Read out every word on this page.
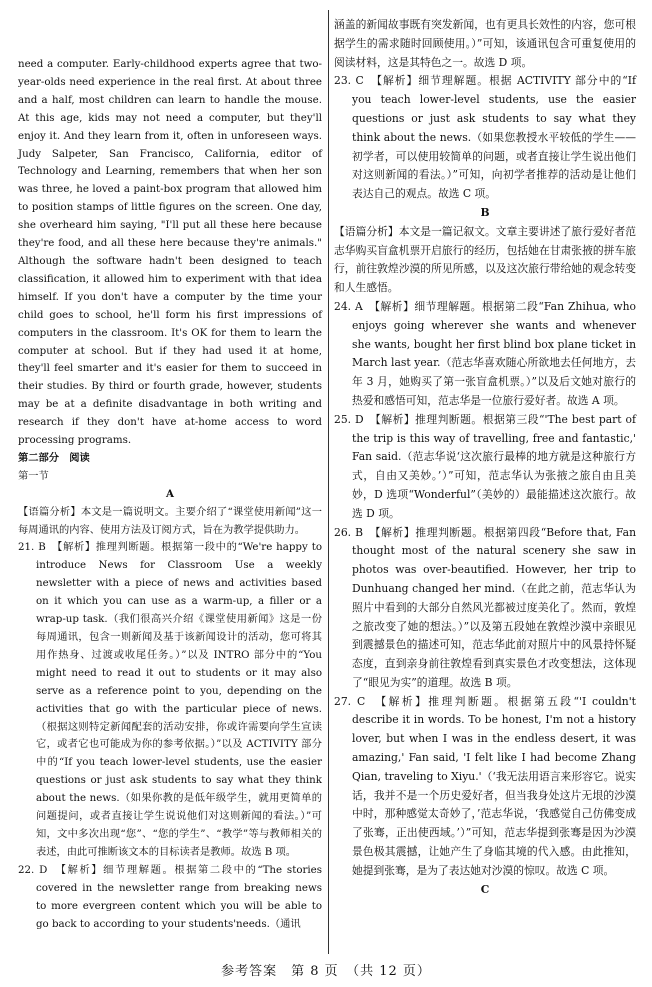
need a computer. Early-childhood experts agree that two-year-olds need experience in the real first. At about three and a half, most children can learn to handle the mouse. At this age, kids may not need a computer, but they'll enjoy it. And they learn from it, often in unforeseen ways. Judy Salpeter, San Francisco, California, editor of Technology and Learning, remembers that when her son was three, he loved a paint-box program that allowed him to position stamps of little figures on the screen. One day, she overheard him saying, "I'll put all these here because they're food, and all these here because they're animals." Although the software hadn't been designed to teach classification, it allowed him to experiment with that idea himself. If you don't have a computer by the time your child goes to school, he'll form his first impressions of computers in the classroom. It's OK for them to learn the computer at school. But if they had used it at home, they'll feel smarter and it's easier for them to succeed in their studies. By third or fourth grade, however, students may be at a definite disadvantage in both writing and research if they don't have at-home access to word processing programs.

第二部分　阅读

第一节

A

【语篇分析】本文是一篇说明文。主要介绍了“课堂使用新闻”这一每周通讯的内容、使用方法及订阅方式，旨在为教学提供助力。

21. B　【解析】推理判断题。根据第一段中的“We're happy to introduce News for Classroom Use a weekly newsletter with a piece of news and activities based on it which you can use as a warm-up, a filler or a wrap-up task.（我们很高兴介绍《课堂使用新闻》这是一份每周通讯，包含一则新闻及基于该新闻设计的活动，您可将其用作热身、过渡或收尾任务。）”以及 INTRO 部分中的“You might need to read it out to students or it may also serve as a reference point to you, depending on the activities that go with the particular piece of news.（根据这则特定新闻配套的活动安排，你或许需要向学生宣读它，或者它也可能成为你的参考依据。）”以及 ACTIVITY 部分中的“If you teach lower-level students, use the easier questions or just ask students to say what they think about the news.（如果你教的是低年级学生，就用更简单的问题提问，或者直接让学生说说他们对这则新闻的看法。）”可知，文中多次出现“您”、“您的学生”、“教学”等与教师相关的表述，由此可推断该文本的目标读者是教师。故选 B 项。

22. D　【解析】细节理解题。根据第二段中的“The stories covered in the newsletter range from breaking news to more evergreen content which you will be able to go back to according to your students'needs.（通讯

涵盖的新闻故事既有突发新闻，也有更具长效性的内容，您可根据学生的需求随时回顾使用。）”可知，该通讯包含可重复使用的阅读材料，这是其特色之一。故选 D 项。

23. C　【解析】细节理解题。根据 ACTIVITY 部分中的“If you teach lower-level students, use the easier questions or just ask students to say what they think about the news.（如果您教授水平较低的学生——初学者，可以使用较简单的问题，或者直接让学生说出他们对这则新闻的看法。）”可知，向初学者推荐的活动是让他们表达自己的观点。故选 C 项。

B

【语篇分析】本文是一篇记叙文。文章主要讲述了旅行爱好者范志华购买盲盒机票开启旅行的经历，包括她在甘肃张掖的拼车旅行，前往敦煌沙漠的所见所感，以及这次旅行带给她的观念转变和人生感悟。

24. A　【解析】细节理解题。根据第二段“Fan Zhihua, who enjoys going wherever she wants and whenever she wants, bought her first blind box plane ticket in March last year.（范志华喜欢随心所欲地去任何地方，去年 3 月，她购买了第一张盲盒机票。）”以及后文她对旅行的热爱和感悟可知，范志华是一位旅行爱好者。故选 A 项。

25. D　【解析】推理判断题。根据第三段“'The best part of the trip is this way of travelling, free and fantastic,' Fan said.（范志华说‘这次旅行最棒的地方就是这种旅行方式，自由又美妙。’）”可知，范志华认为张掖之旅自由且美妙，D 选项“Wonderful”（美妙的）最能描述这次旅行。故选 D 项。

26. B　【解析】推理判断题。根据第四段“Before that, Fan thought most of the natural scenery she saw in photos was over-beautified. However, her trip to Dunhuang changed her mind.（在此之前，范志华认为照片中看到的大部分自然风光都被过度美化了。然而，敦煌之旅改变了她的想法。）”以及第五段她在敦煌沙漠中亲眼见到震撼景色的描述可知，范志华此前对照片中的风景持怀疑态度，直到亲身前往敦煌看到真实景色才改变想法，这体现了“眼见为实”的道理。故选 B 项。

27. C　【解析】推理判断题。根据第五段“'I couldn't describe it in words. To be honest, I'm not a history lover, but when I was in the endless desert, it was amazing,' Fan said, 'I felt like I had become Zhang Qian, traveling to Xiyu.'（‘我无法用语言来形容它。说实话，我并不是一个历史爱好者，但当我身处这片无垠的沙漠中时，那种感觉太奇妙了，’范志华说，‘我感觉自己仿佛变成了张骞，正出使西域。’）”可知，范志华提到张骞是因为沙漠景色极其震撼，让她产生了身临其境的代入感。由此推知，她提到张骞，是为了表达她对沙漠的惊叹。故选 C 项。

C

参考答案　第 8 页　（共 12 页）
